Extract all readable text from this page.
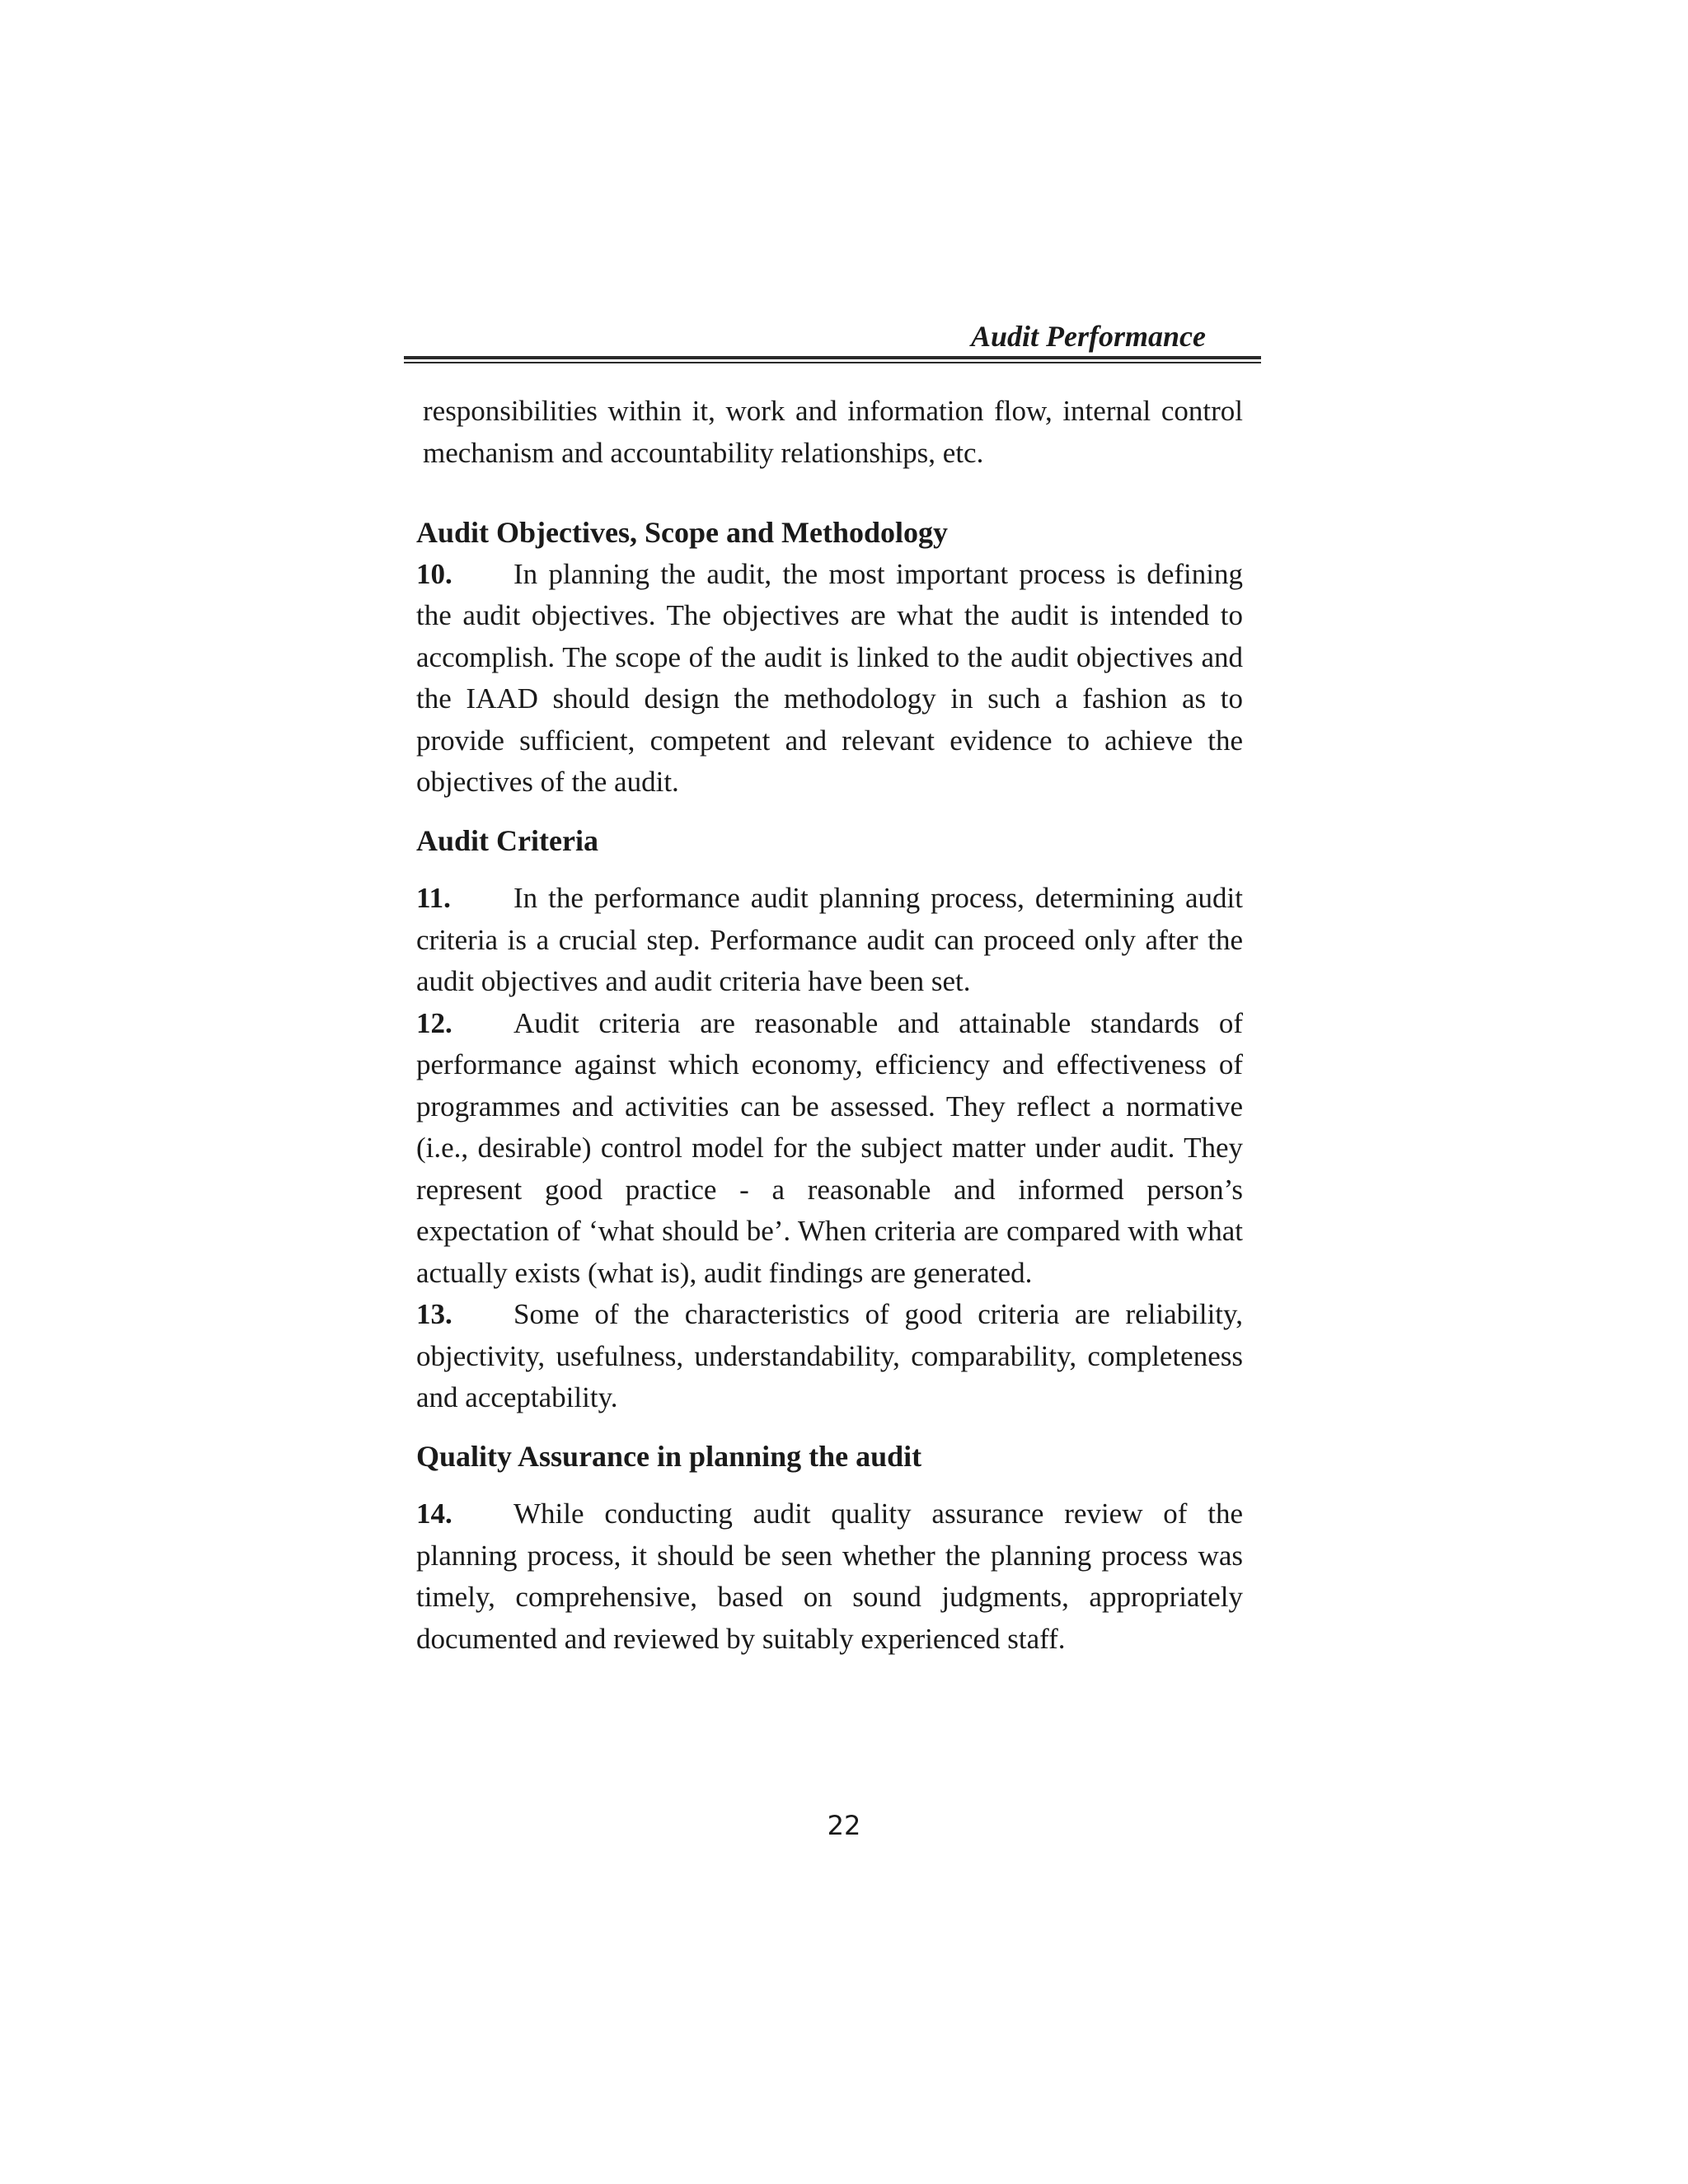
Audit Performance

responsibilities within it, work and information flow, internal control mechanism and accountability relationships, etc.

Audit Objectives, Scope and Methodology

10. In planning the audit, the most important process is defining the audit objectives. The objectives are what the audit is intended to accomplish. The scope of the audit is linked to the audit objectives and the IAAD should design the methodology in such a fashion as to provide sufficient, competent and relevant evidence to achieve the objectives of the audit.

Audit Criteria

11. In the performance audit planning process, determining audit criteria is a crucial step. Performance audit can proceed only after the audit objectives and audit criteria have been set.

12. Audit criteria are reasonable and attainable standards of performance against which economy, efficiency and effectiveness of programmes and activities can be assessed. They reflect a normative (i.e., desirable) control model for the subject matter under audit. They represent good practice - a reasonable and informed person’s expectation of ‘what should be’. When criteria are compared with what actually exists (what is), audit findings are generated.

13. Some of the characteristics of good criteria are reliability, objectivity, usefulness, understandability, comparability, completeness and acceptability.

Quality Assurance in planning the audit

14. While conducting audit quality assurance review of the planning process, it should be seen whether the planning process was timely, comprehensive, based on sound judgments, appropriately documented and reviewed by suitably experienced staff.

22
